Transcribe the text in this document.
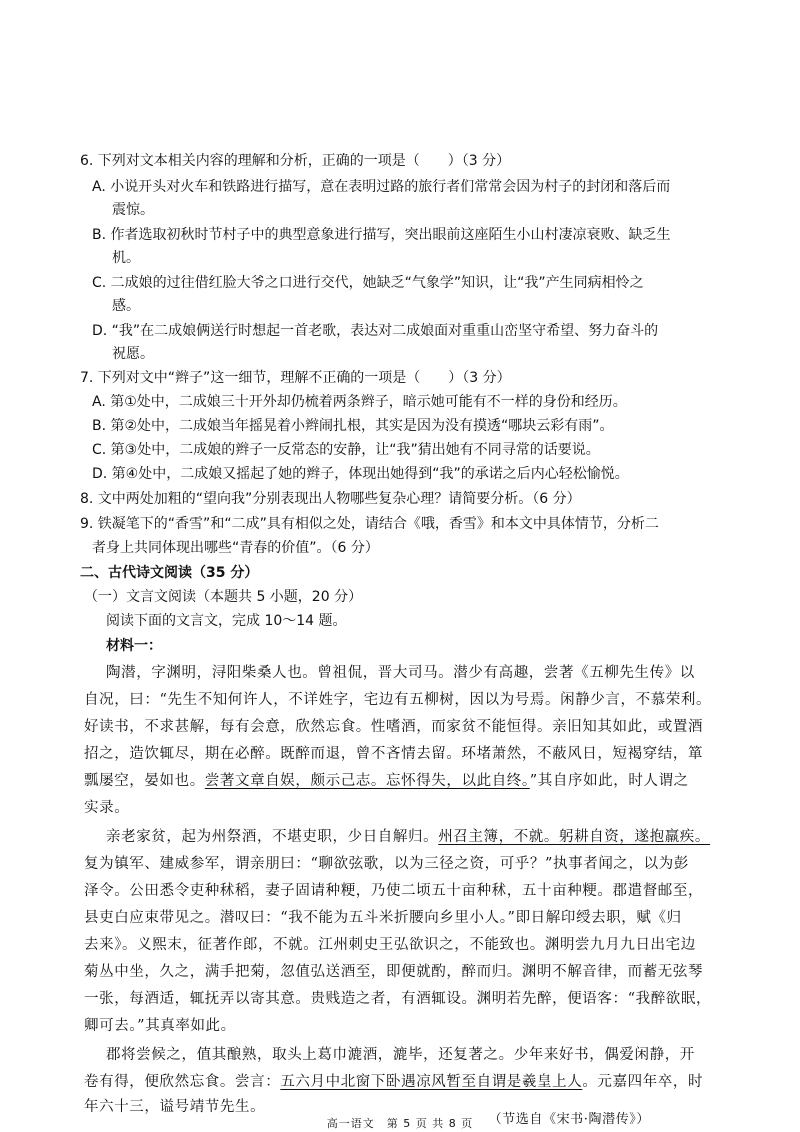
6. 下列对文本相关内容的理解和分析，正确的一项是（　　）（3 分）
A. 小说开头对火车和铁路进行描写，意在表明过路的旅行者们常常会因为村子的封闭和落后而
震惊。
B. 作者选取初秋时节村子中的典型意象进行描写，突出眼前这座陌生小山村凄凉衰败、缺乏生
机。
C. 二成娘的过往借红脸大爷之口进行交代，她缺乏“气象学”知识，让“我”产生同病相怜之
感。
D. “我”在二成娘俩送行时想起一首老歌，表达对二成娘面对重重山峦坚守希望、努力奋斗的
祝愿。
7. 下列对文中“辫子”这一细节，理解不正确的一项是（　　）（3 分）
A. 第①处中，二成娘三十开外却仍梳着两条辫子，暗示她可能有不一样的身份和经历。
B. 第②处中，二成娘当年摇晃着小辫闹扎根，其实是因为没有摸透“哪块云彩有雨”。
C. 第③处中，二成娘的辫子一反常态的安静，让“我”猜出她有不同寻常的话要说。
D. 第④处中，二成娘又摇起了她的辫子，体现出她得到“我”的承诺之后内心轻松愉悦。
8. 文中两处加粗的“望向我”分别表现出人物哪些复杂心理？请简要分析。（6 分）
9. 铁凝笔下的“香雪”和“二成”具有相似之处，请结合《哦，香雪》和本文中具体情节，分析二
者身上共同体现出哪些“青春的价值”。（6 分）
二、古代诗文阅读（35 分）
（一）文言文阅读（本题共 5 小题，20 分）
阅读下面的文言文，完成 10～14 题。
材料一：
陶潜，字渊明，浔阳柴桑人也。曾祖侃，晋大司马。潜少有高趣，尝著《五柳先生传》以
自况，曰：“先生不知何许人，不详姓字，宅边有五柳树，因以为号焉。闲静少言，不慕荣利。
好读书，不求甚解，每有会意，欣然忘食。性嗜酒，而家贫不能恒得。亲旧知其如此，或置酒
招之，造饮辄尽，期在必醉。既醉而退，曾不吝情去留。环堵萧然，不蔽风日，短褐穿结，箪
瓢屡空，晏如也。尝著文章自娱，颇示己志。忘怀得失，以此自终。”其自序如此，时人谓之
实录。
亲老家贫，起为州祭酒，不堪吏职，少日自解归。州召主簿，不就。躬耕自资，遂抱羸疾。
复为镇军、建威参军，谓亲朋曰：“聊欲弦歌，以为三径之资，可乎？”执事者闻之，以为彭
泽令。公田悉令吏种秫稻，妻子固请种粳，乃使二顷五十亩种秫，五十亩种粳。郡遣督邮至，
县吏白应束带见之。潜叹曰：“我不能为五斗米折腰向乡里小人。”即日解印绶去职，赋《归
去来》。义熙末，征著作郎，不就。江州刺史王弘欲识之，不能致也。渊明尝九月九日出宅边
菊丛中坐，久之，满手把菊，忽值弘送酒至，即便就酌，醉而归。渊明不解音律，而蓄无弦琴
一张，每酒适，辄抚弄以寄其意。贵贱造之者，有酒辄设。渊明若先醉，便语客：“我醉欲眠，
卿可去。”其真率如此。
郡将尝候之，值其酿熟，取头上葛巾漉酒，漉毕，还复著之。少年来好书，偶爱闲静，开
卷有得，便欣然忘食。尝言：五六月中北窗下卧遇凉风暂至自谓是羲皇上人。元嘉四年卒，时
年六十三，谥号靖节先生。
（节选自《宋书·陶潜传》）
高一语文　第 5 页 共 8 页
